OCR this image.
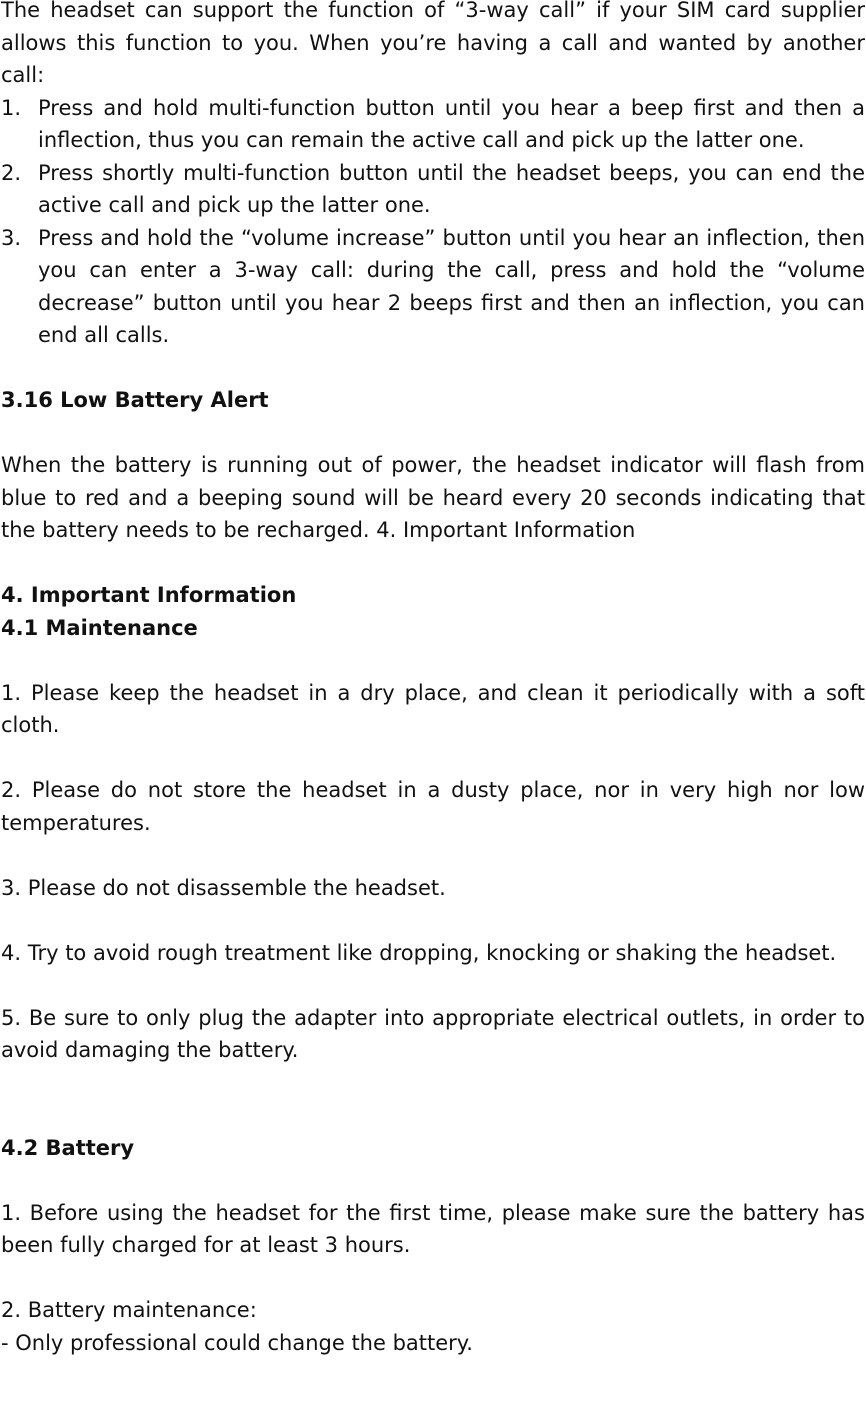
The headset can support the function of “3-way call” if your SIM card supplier allows this function to you. When you’re having a call and wanted by another call:

1. Press and hold multi-function button until you hear a beep first and then a inflection, thus you can remain the active call and pick up the latter one.
2. Press shortly multi-function button until the headset beeps, you can end the active call and pick up the latter one.
3. Press and hold the “volume increase” button until you hear an inflection, then you can enter a 3-way call: during the call, press and hold the “volume decrease” button until you hear 2 beeps first and then an inflection, you can end all calls.

3.16 Low Battery Alert

When the battery is running out of power, the headset indicator will flash from blue to red and a beeping sound will be heard every 20 seconds indicating that the battery needs to be recharged. 4. Important Information

4. Important Information

4.1 Maintenance

1. Please keep the headset in a dry place, and clean it periodically with a soft cloth.

2. Please do not store the headset in a dusty place, nor in very high nor low temperatures.

3. Please do not disassemble the headset.

4. Try to avoid rough treatment like dropping, knocking or shaking the headset.

5. Be sure to only plug the adapter into appropriate electrical outlets, in order to avoid damaging the battery.

4.2 Battery

1. Before using the headset for the first time, please make sure the battery has been fully charged for at least 3 hours.

2. Battery maintenance:

- Only professional could change the battery.
